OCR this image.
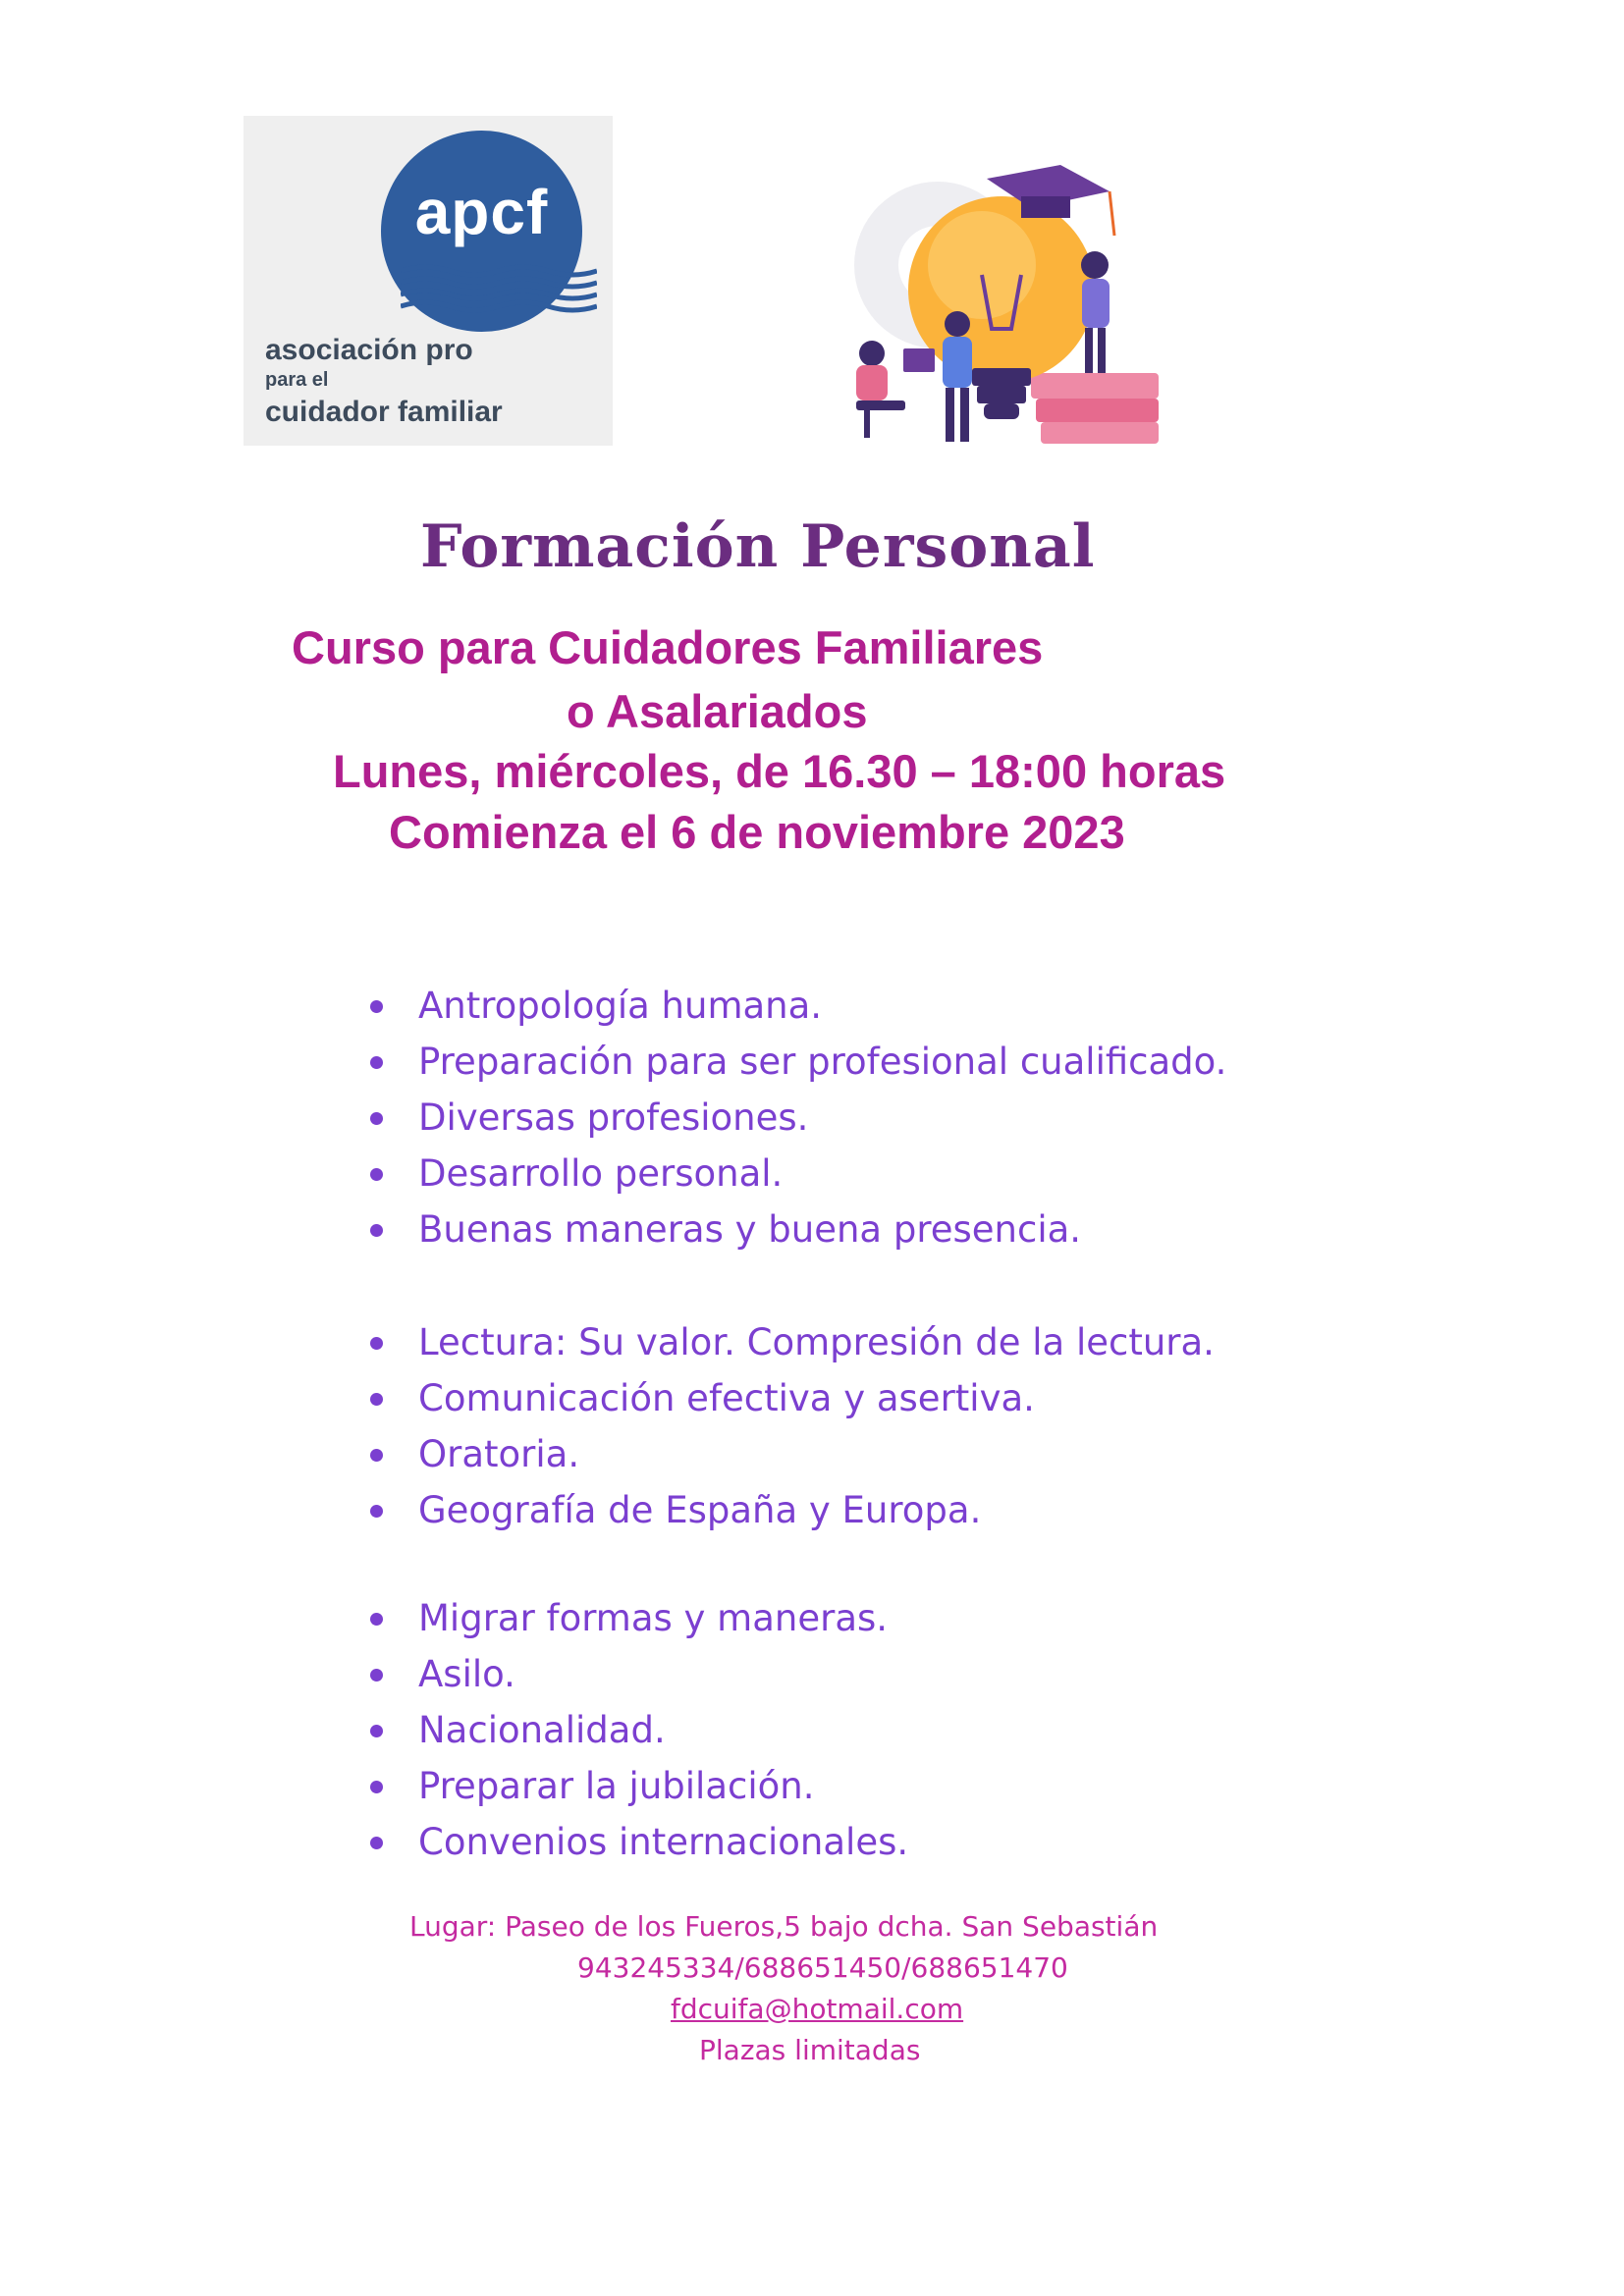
apcf
asociación pro
para el
cuidador familiar
Formación Personal

Curso para Cuidadores Familiares

o Asalariados

Lunes, miércoles, de 16.30 – 18:00 horas

Comienza el 6 de noviembre 2023

Antropología humana.
Preparación para ser profesional cualificado.
Diversas profesiones.
Desarrollo personal.
Buenas maneras y buena presencia.
Lectura: Su valor. Compresión de la lectura.
Comunicación efectiva y asertiva.
Oratoria.
Geografía de España y Europa.
Migrar formas y maneras.
Asilo.
Nacionalidad.
Preparar la jubilación.
Convenios internacionales.

Lugar: Paseo de los Fueros,5 bajo dcha. San Sebastián

943245334/688651450/688651470

fdcuifa@hotmail.com

Plazas limitadas
